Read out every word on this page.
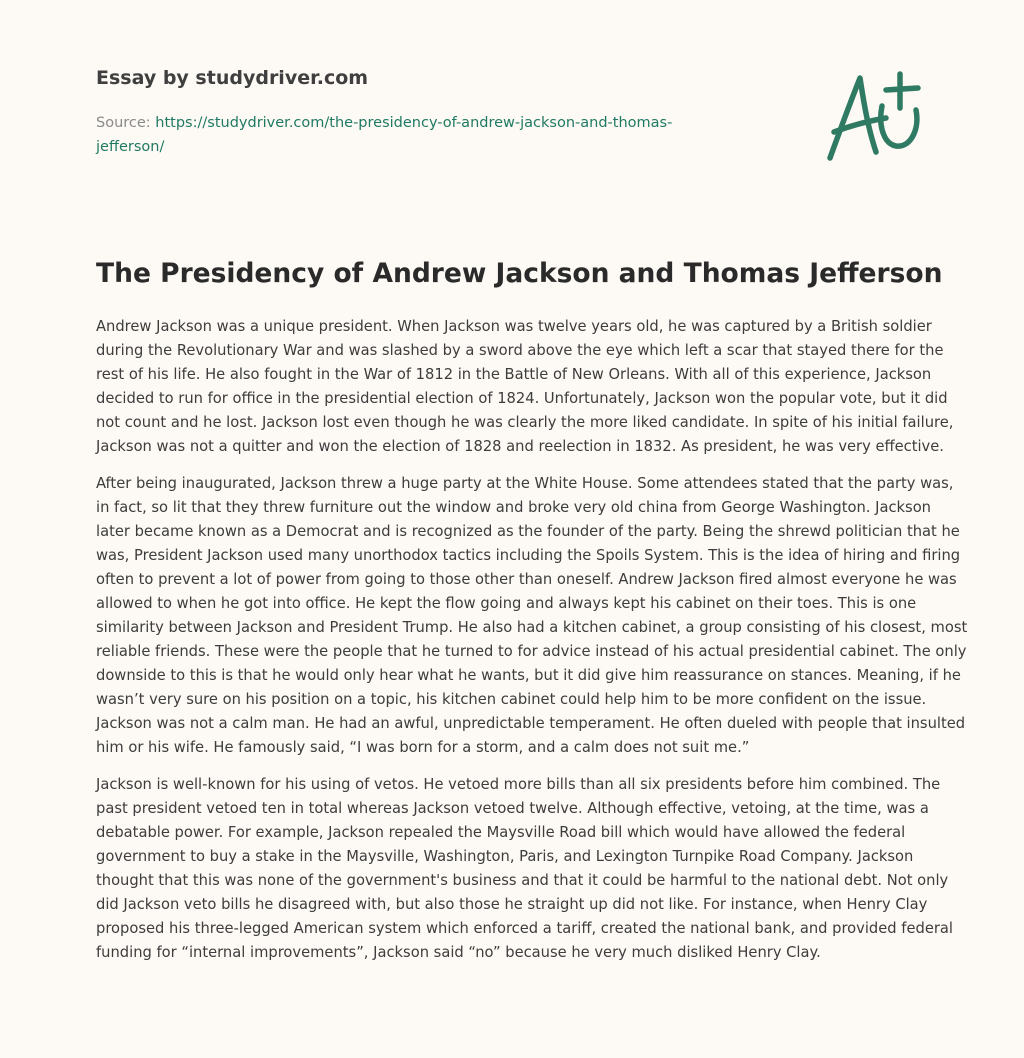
Essay by studydriver.com
Source: https://studydriver.com/the-presidency-of-andrew-jackson-and-thomas-jefferson/
The Presidency of Andrew Jackson and Thomas Jefferson

Andrew Jackson was a unique president. When Jackson was twelve years old, he was captured by a British soldier during the Revolutionary War and was slashed by a sword above the eye which left a scar that stayed there for the rest of his life. He also fought in the War of 1812 in the Battle of New Orleans. With all of this experience, Jackson decided to run for office in the presidential election of 1824. Unfortunately, Jackson won the popular vote, but it did not count and he lost. Jackson lost even though he was clearly the more liked candidate. In spite of his initial failure, Jackson was not a quitter and won the election of 1828 and reelection in 1832. As president, he was very effective.

After being inaugurated, Jackson threw a huge party at the White House. Some attendees stated that the party was, in fact, so lit that they threw furniture out the window and broke very old china from George Washington. Jackson later became known as a Democrat and is recognized as the founder of the party. Being the shrewd politician that he was, President Jackson used many unorthodox tactics including the Spoils System. This is the idea of hiring and firing often to prevent a lot of power from going to those other than oneself. Andrew Jackson fired almost everyone he was allowed to when he got into office. He kept the flow going and always kept his cabinet on their toes. This is one similarity between Jackson and President Trump. He also had a kitchen cabinet, a group consisting of his closest, most reliable friends. These were the people that he turned to for advice instead of his actual presidential cabinet. The only downside to this is that he would only hear what he wants, but it did give him reassurance on stances. Meaning, if he wasn’t very sure on his position on a topic, his kitchen cabinet could help him to be more confident on the issue. Jackson was not a calm man. He had an awful, unpredictable temperament. He often dueled with people that insulted him or his wife. He famously said, “I was born for a storm, and a calm does not suit me.”

Jackson is well-known for his using of vetos. He vetoed more bills than all six presidents before him combined. The past president vetoed ten in total whereas Jackson vetoed twelve. Although effective, vetoing, at the time, was a debatable power. For example, Jackson repealed the Maysville Road bill which would have allowed the federal government to buy a stake in the Maysville, Washington, Paris, and Lexington Turnpike Road Company. Jackson thought that this was none of the government's business and that it could be harmful to the national debt. Not only did Jackson veto bills he disagreed with, but also those he straight up did not like. For instance, when Henry Clay proposed his three-legged American system which enforced a tariff, created the national bank, and provided federal funding for “internal improvements”, Jackson said “no” because he very much disliked Henry Clay.
